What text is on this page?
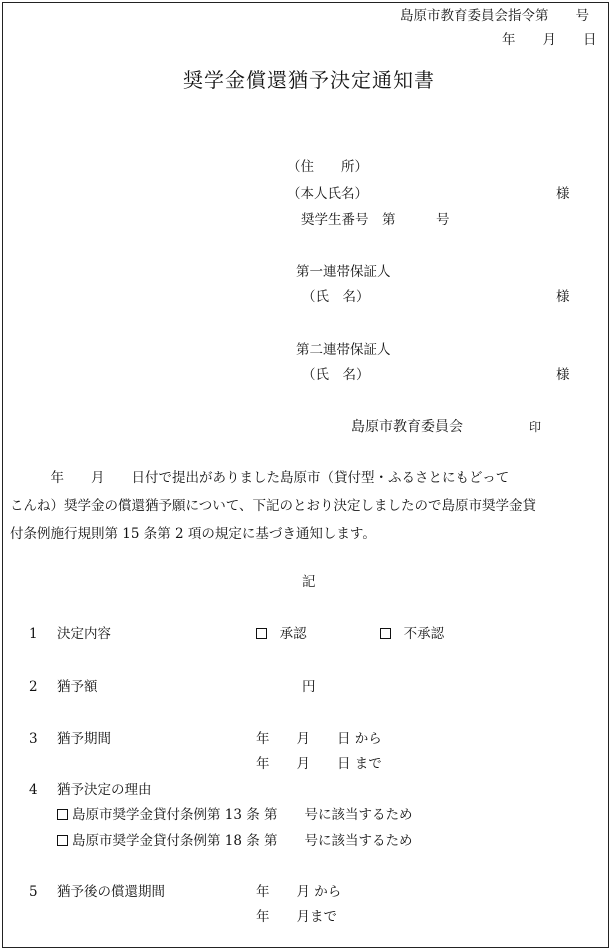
島原市教育委員会指令第　　号
年　　月　　日
奨学金償還猶予決定通知書
（住　　所）
（本人氏名）	様
奨学生番号　第　　　号
第一連帯保証人
（氏　名）	様
第二連帯保証人
（氏　名）	様
島原市教育委員会	印
　　　年　　月　　日付で提出がありました島原市（貸付型・ふるさとにもどって
こんね）奨学金の償還猶予願について、下記のとおり決定しましたので島原市奨学金貸
付条例施行規則第 15 条第 2 項の規定に基づき通知します。
記
1 決定内容	承認	不承認
2 猶予額	円
3 猶予期間	年　　月　　日 から
年　　月　　日 まで
4 猶予決定の理由
島原市奨学金貸付条例第 13 条 第　　号に該当するため
島原市奨学金貸付条例第 18 条 第　　号に該当するため
5 猶予後の償還期間	年　　月 から
年　　月まで
